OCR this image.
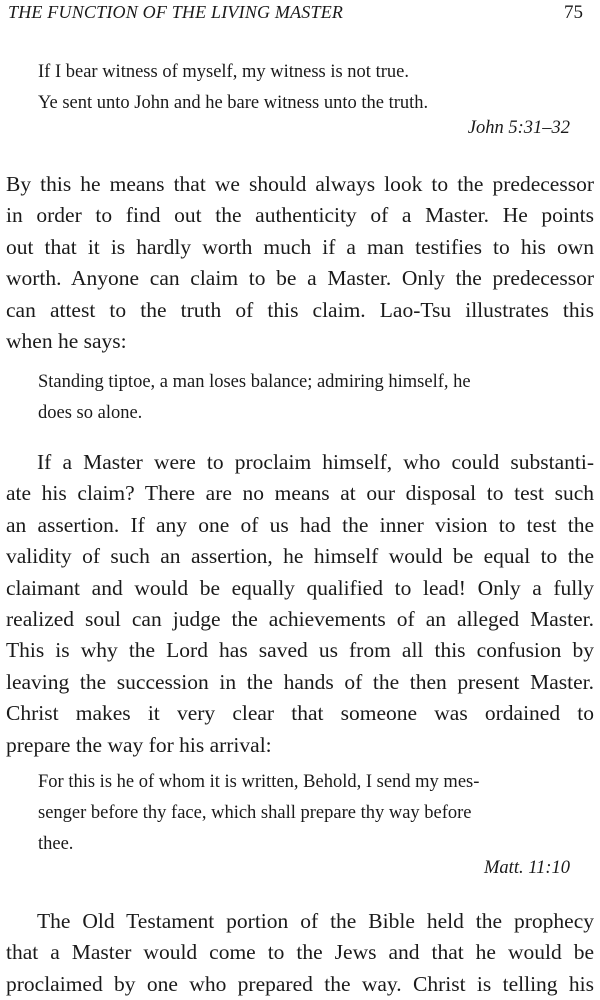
THE FUNCTION OF THE LIVING MASTER	75
If I bear witness of myself, my witness is not true.
Ye sent unto John and he bare witness unto the truth.
John 5:31–32
By this he means that we should always look to the predecessor
in order to find out the authenticity of a Master. He points
out that it is hardly worth much if a man testifies to his own
worth. Anyone can claim to be a Master. Only the predecessor
can attest to the truth of this claim. Lao-Tsu illustrates this
when he says:
Standing tiptoe, a man loses balance; admiring himself, he
does so alone.
If a Master were to proclaim himself, who could substanti-
ate his claim? There are no means at our disposal to test such
an assertion. If any one of us had the inner vision to test the
validity of such an assertion, he himself would be equal to the
claimant and would be equally qualified to lead! Only a fully
realized soul can judge the achievements of an alleged Master.
This is why the Lord has saved us from all this confusion by
leaving the succession in the hands of the then present Master.
Christ makes it very clear that someone was ordained to
prepare the way for his arrival:
For this is he of whom it is written, Behold, I send my mes-
senger before thy face, which shall prepare thy way before
thee.
Matt. 11:10
The Old Testament portion of the Bible held the prophecy
that a Master would come to the Jews and that he would be
proclaimed by one who prepared the way. Christ is telling his
